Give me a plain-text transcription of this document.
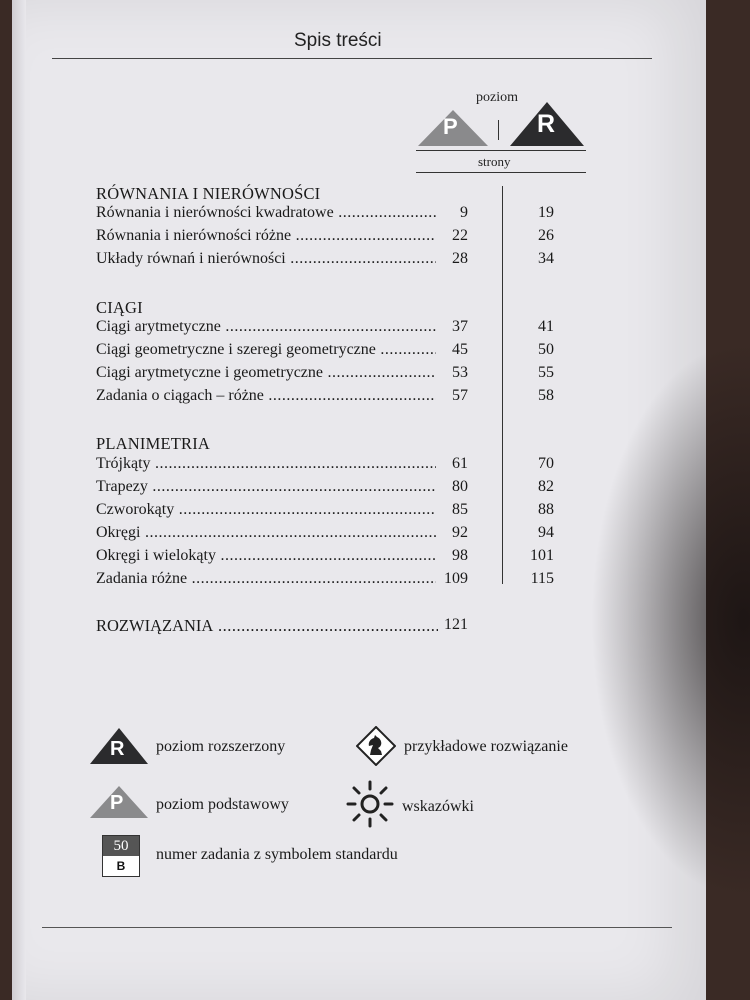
Spis treści
poziom
P	R
strony
RÓWNANIA I NIERÓWNOŚCI
Równania i nierówności kwadratowe .....	9	19
Równania i nierówności różne .....	22	26
Układy równań i nierówności .....	28	34
CIĄGI
Ciągi arytmetyczne .....	37	41
Ciągi geometryczne i szeregi geometryczne .....	45	50
Ciągi arytmetyczne i geometryczne .....	53	55
Zadania o ciągach – różne .....	57	58
PLANIMETRIA
Trójkąty .....	61	70
Trapezy .....	80	82
Czworokąty .....	85	88
Okręgi .....	92	94
Okręgi i wielokąty .....	98	101
Zadania różne .....	109	115
ROZWIĄZANIA .....	121
R poziom rozszerzony	przykładowe rozwiązanie
P poziom podstawowy	wskazówki
numer zadania z symbolem standardu
50
B
